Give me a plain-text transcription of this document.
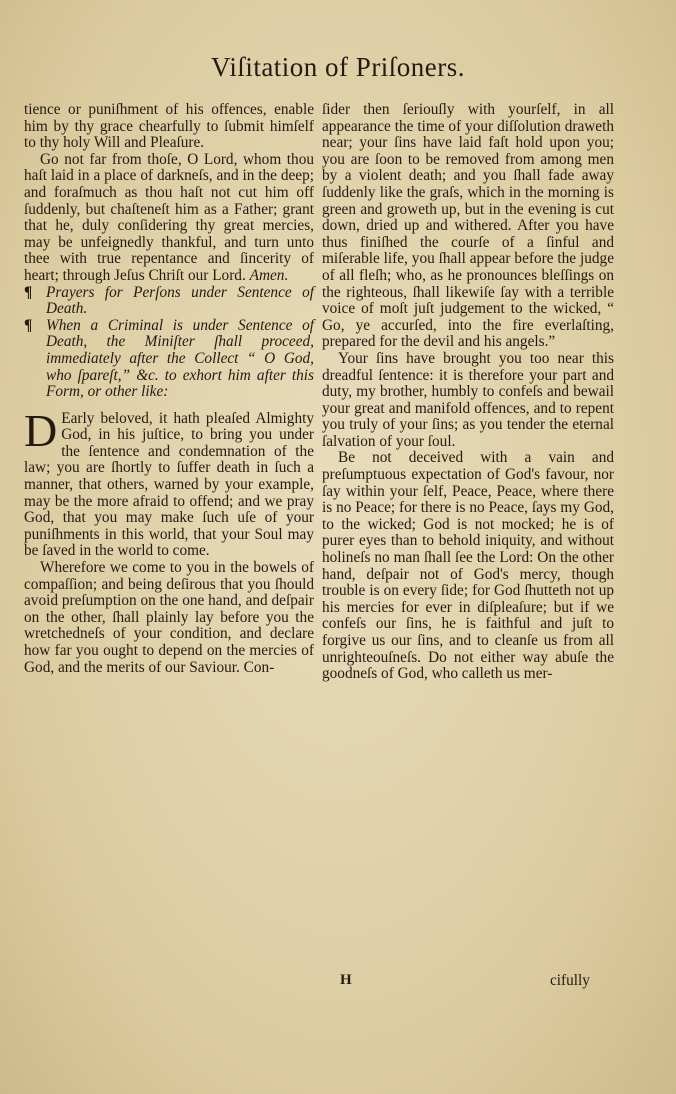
Viſitation of Priſoners.

tience or puniſhment of his offences, enable him by thy grace chearfully to ſubmit himſelf to thy holy Will and Pleaſure.

Go not far from thoſe, O Lord, whom thou haſt laid in a place of darkneſs, and in the deep; and foraſmuch as thou haſt not cut him off ſuddenly, but chaſteneſt him as a Father; grant that he, duly conſidering thy great mercies, may be unfeignedly thankful, and turn unto thee with true repentance and ſincerity of heart; through Jeſus Chriſt our Lord. Amen.

¶ Prayers for Perſons under Sentence of Death.

¶ When a Criminal is under Sentence of Death, the Miniſter ſhall proceed, immediately after the Collect “ O God, who ſpareſt,” &c. to exhort him after this Form, or other like:

D Early beloved, it hath pleaſed Almighty God, in his juſtice, to bring you under the ſentence and condemnation of the law; you are ſhortly to ſuffer death in ſuch a manner, that others, warned by your example, may be the more afraid to offend; and we pray God, that you may make ſuch uſe of your puniſhments in this world, that your Soul may be ſaved in the world to come.

Wherefore we come to you in the bowels of compaſſion; and being deſirous that you ſhould avoid preſumption on the one hand, and deſpair on the other, ſhall plainly lay before you the wretchedneſs of your condition, and declare how far you ought to depend on the mercies of God, and the merits of our Saviour. Con-

ſider then ſeriouſly with yourſelf, in all appearance the time of your diſſolution draweth near; your ſins have laid faſt hold upon you; you are ſoon to be removed from among men by a violent death; and you ſhall fade away ſuddenly like the graſs, which in the morning is green and groweth up, but in the evening is cut down, dried up and withered. After you have thus finiſhed the courſe of a ſinful and miſerable life, you ſhall appear before the judge of all fleſh; who, as he pronounces bleſſings on the righteous, ſhall likewiſe ſay with a terrible voice of moſt juſt judgement to the wicked, “ Go, ye accurſed, into the fire everlaſting, prepared for the devil and his angels.”

Your ſins have brought you too near this dreadful ſentence: it is therefore your part and duty, my brother, humbly to confeſs and bewail your great and manifold offences, and to repent you truly of your ſins; as you tender the eternal ſalvation of your ſoul.

Be not deceived with a vain and preſumptuous expectation of God's favour, nor ſay within your ſelf, Peace, Peace, where there is no Peace; for there is no Peace, ſays my God, to the wicked; God is not mocked; he is of purer eyes than to behold iniquity, and without holineſs no man ſhall ſee the Lord: On the other hand, deſpair not of God's mercy, though trouble is on every ſide; for God ſhutteth not up his mercies for ever in diſpleaſure; but if we confeſs our ſins, he is faithful and juſt to forgive us our ſins, and to cleanſe us from all unrighteouſneſs. Do not either way abuſe the goodneſs of God, who calleth us mer-

H	cifully
